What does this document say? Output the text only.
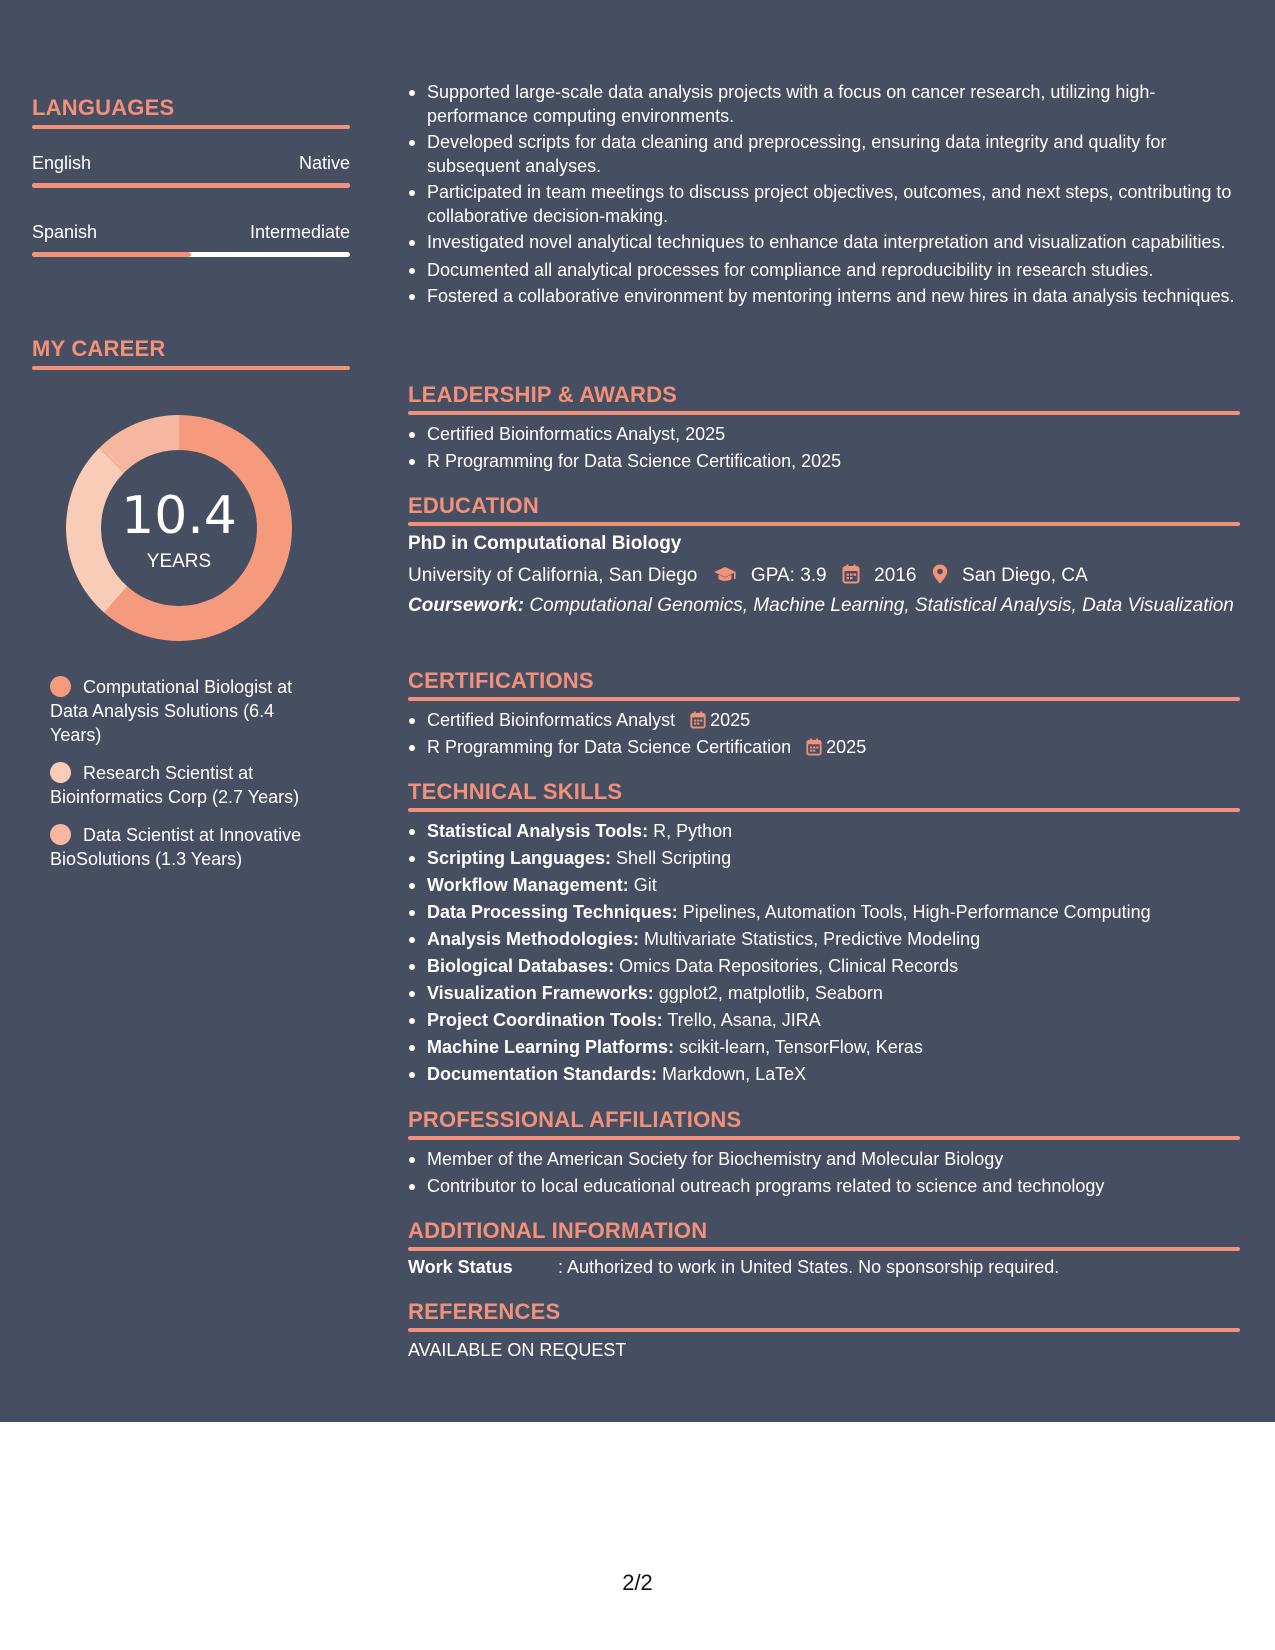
LANGUAGES
English	Native
Spanish	Intermediate
MY CAREER
10.4
YEARS
Computational Biologist at Data Analysis Solutions (6.4 Years)
Research Scientist at Bioinformatics Corp (2.7 Years)
Data Scientist at Innovative BioSolutions (1.3 Years)
Supported large-scale data analysis projects with a focus on cancer research, utilizing high-performance computing environments.
Developed scripts for data cleaning and preprocessing, ensuring data integrity and quality for subsequent analyses.
Participated in team meetings to discuss project objectives, outcomes, and next steps, contributing to collaborative decision-making.
Investigated novel analytical techniques to enhance data interpretation and visualization capabilities.
Documented all analytical processes for compliance and reproducibility in research studies.
Fostered a collaborative environment by mentoring interns and new hires in data analysis techniques.
LEADERSHIP & AWARDS
Certified Bioinformatics Analyst, 2025
R Programming for Data Science Certification, 2025
EDUCATION
PhD in Computational Biology
University of California, San Diego	GPA: 3.9	2016 San Diego, CA
Coursework: Computational Genomics, Machine Learning, Statistical Analysis, Data Visualization
CERTIFICATIONS
Certified Bioinformatics Analyst 2025
R Programming for Data Science Certification 2025
TECHNICAL SKILLS
Statistical Analysis Tools: R, Python
Scripting Languages: Shell Scripting
Workflow Management: Git
Data Processing Techniques: Pipelines, Automation Tools, High-Performance Computing
Analysis Methodologies: Multivariate Statistics, Predictive Modeling
Biological Databases: Omics Data Repositories, Clinical Records
Visualization Frameworks: ggplot2, matplotlib, Seaborn
Project Coordination Tools: Trello, Asana, JIRA
Machine Learning Platforms: scikit-learn, TensorFlow, Keras
Documentation Standards: Markdown, LaTeX
PROFESSIONAL AFFILIATIONS
Member of the American Society for Biochemistry and Molecular Biology
Contributor to local educational outreach programs related to science and technology
ADDITIONAL INFORMATION
Work Status	: Authorized to work in United States. No sponsorship required.
REFERENCES
AVAILABLE ON REQUEST
2/2
